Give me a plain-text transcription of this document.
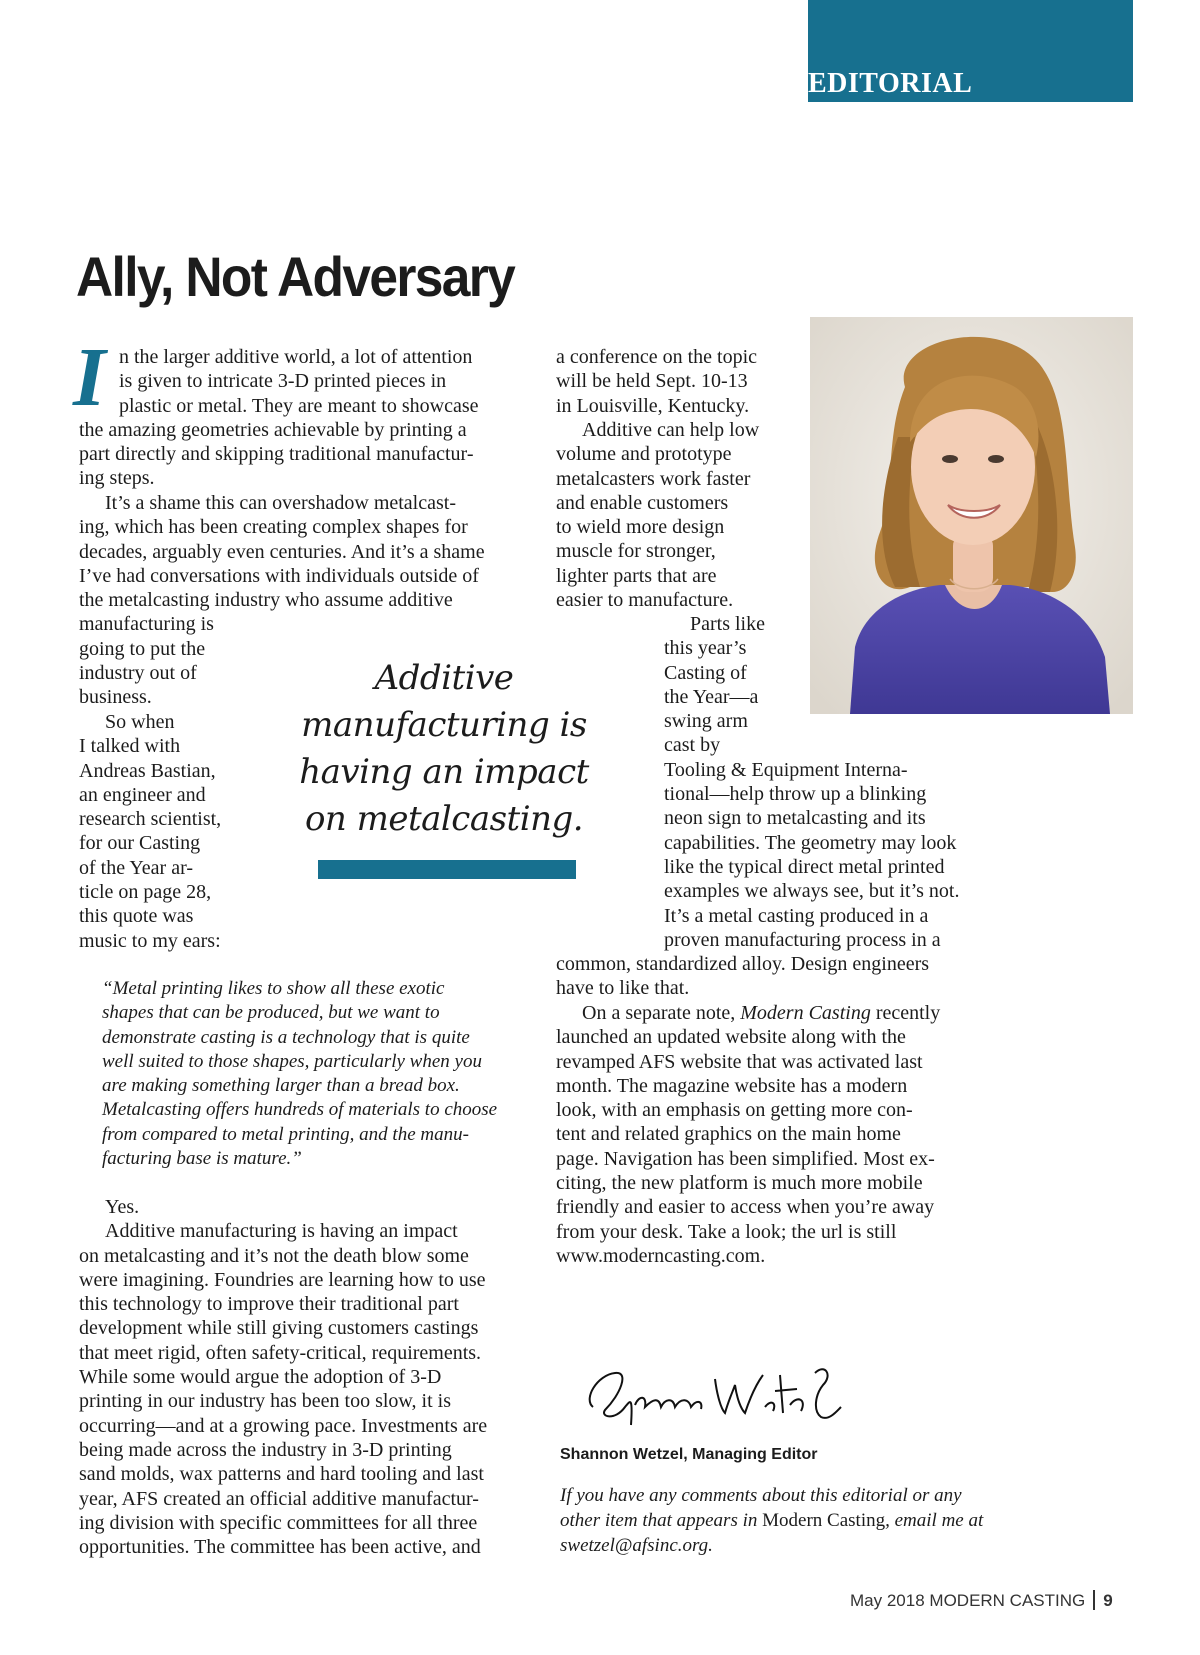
EDITORIAL
Ally, Not Adversary
I n the larger additive world, a lot of attention
is given to intricate 3-D printed pieces in
plastic or metal. They are meant to showcase
the amazing geometries achievable by printing a
part directly and skipping traditional manufactur-
ing steps.
It’s a shame this can overshadow metalcast-
ing, which has been creating complex shapes for
decades, arguably even centuries. And it’s a shame
I’ve had conversations with individuals outside of
the metalcasting industry who assume additive
manufacturing is
going to put the
industry out of
business.
So when
I talked with
Andreas Bastian,
an engineer and
research scientist,
for our Casting
of the Year ar-
ticle on page 28,
this quote was
music to my ears:
Additive
manufacturing is
having an impact
on metalcasting.
“Metal printing likes to show all these exotic
shapes that can be produced, but we want to
demonstrate casting is a technology that is quite
well suited to those shapes, particularly when you
are making something larger than a bread box.
Metalcasting offers hundreds of materials to choose
from compared to metal printing, and the manu-
facturing base is mature.”
Yes.
Additive manufacturing is having an impact
on metalcasting and it’s not the death blow some
were imagining. Foundries are learning how to use
this technology to improve their traditional part
development while still giving customers castings
that meet rigid, often safety-critical, requirements.
While some would argue the adoption of 3-D
printing in our industry has been too slow, it is
occurring—and at a growing pace. Investments are
being made across the industry in 3-D printing
sand molds, wax patterns and hard tooling and last
year, AFS created an official additive manufactur-
ing division with specific committees for all three
opportunities. The committee has been active, and
a conference on the topic
will be held Sept. 10-13
in Louisville, Kentucky.
Additive can help low
volume and prototype
metalcasters work faster
and enable customers
to wield more design
muscle for stronger,
lighter parts that are
easier to manufacture.
Parts like
this year’s
Casting of
the Year—a
swing arm
cast by
Tooling & Equipment Interna-
tional—help throw up a blinking
neon sign to metalcasting and its
capabilities. The geometry may look
like the typical direct metal printed
examples we always see, but it’s not.
It’s a metal casting produced in a
proven manufacturing process in a
common, standardized alloy. Design engineers
have to like that.
On a separate note, Modern Casting recently
launched an updated website along with the
revamped AFS website that was activated last
month. The magazine website has a modern
look, with an emphasis on getting more con-
tent and related graphics on the main home
page. Navigation has been simplified. Most ex-
citing, the new platform is much more mobile
friendly and easier to access when you’re away
from your desk. Take a look; the url is still
www.moderncasting.com.
Shannon Wetzel, Managing Editor
If you have any comments about this editorial or any
other item that appears in Modern Casting, email me at
swetzel@afsinc.org.
May 2018 MODERN CASTING 9
